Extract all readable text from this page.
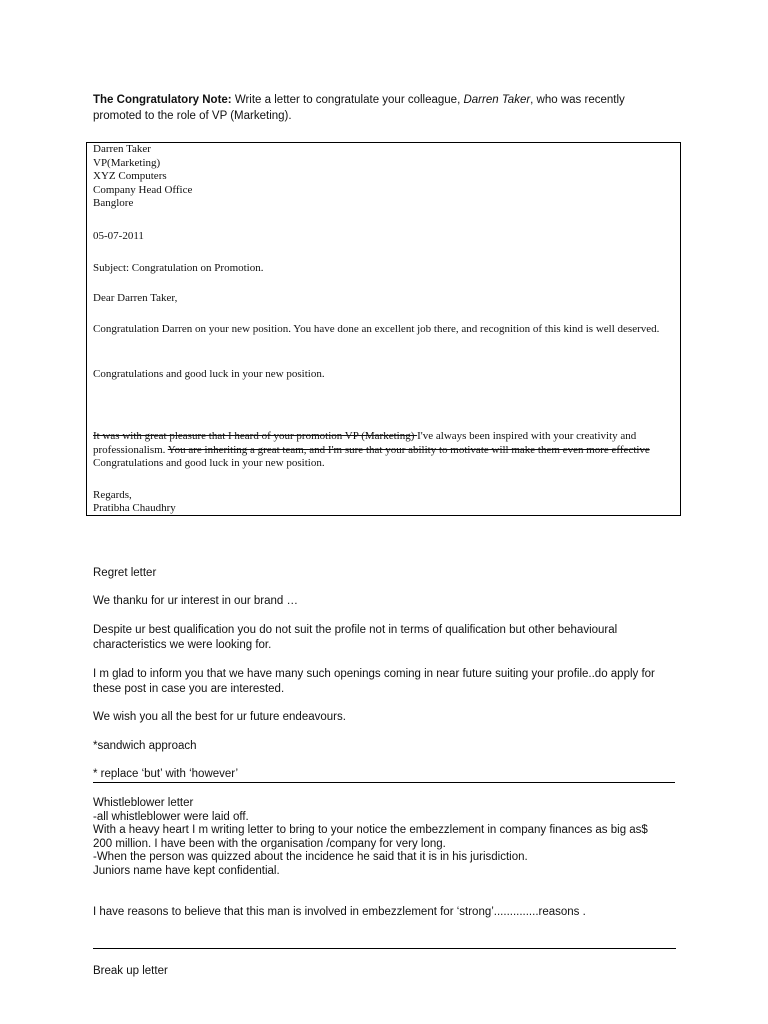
The Congratulatory Note: Write a letter to congratulate your colleague, Darren Taker, who was recently promoted to the role of VP (Marketing).
Darren Taker
VP(Marketing)
XYZ Computers
Company Head Office
Banglore
05-07-2011
Subject: Congratulation on Promotion.
Dear Darren Taker,
Congratulation Darren on your new position. You have done an excellent job there, and recognition of this kind is well deserved.
Congratulations and good luck in your new position.
It was with great pleasure that I heard of your promotion VP (Marketing) I've always been inspired with your creativity and professionalism. You are inheriting a great team, and I'm sure that your ability to motivate will make them even more effective Congratulations and good luck in your new position.
Regards,
Pratibha Chaudhry
Regret letter
We thanku for ur interest in our brand …
Despite ur best qualification you do not suit the profile not in terms of qualification but other behavioural characteristics we were looking for.
I m glad to inform you that we have many such openings coming in near future suiting your profile..do apply for these post in case you are interested.
We wish you all the best for ur future endeavours.
*sandwich approach
* replace ‘but’ with ‘however’
Whistleblower letter
-all whistleblower were laid off.
With a heavy heart I m writing letter to bring to your notice the embezzlement in company finances as big as$ 200 million. I have been with the organisation /company for very long.
-When the person was quizzed about the incidence he said that it is in his jurisdiction.
Juniors name have kept confidential.
I have reasons to believe that this man is involved in embezzlement for ‘strong’..............reasons .
Break up letter
